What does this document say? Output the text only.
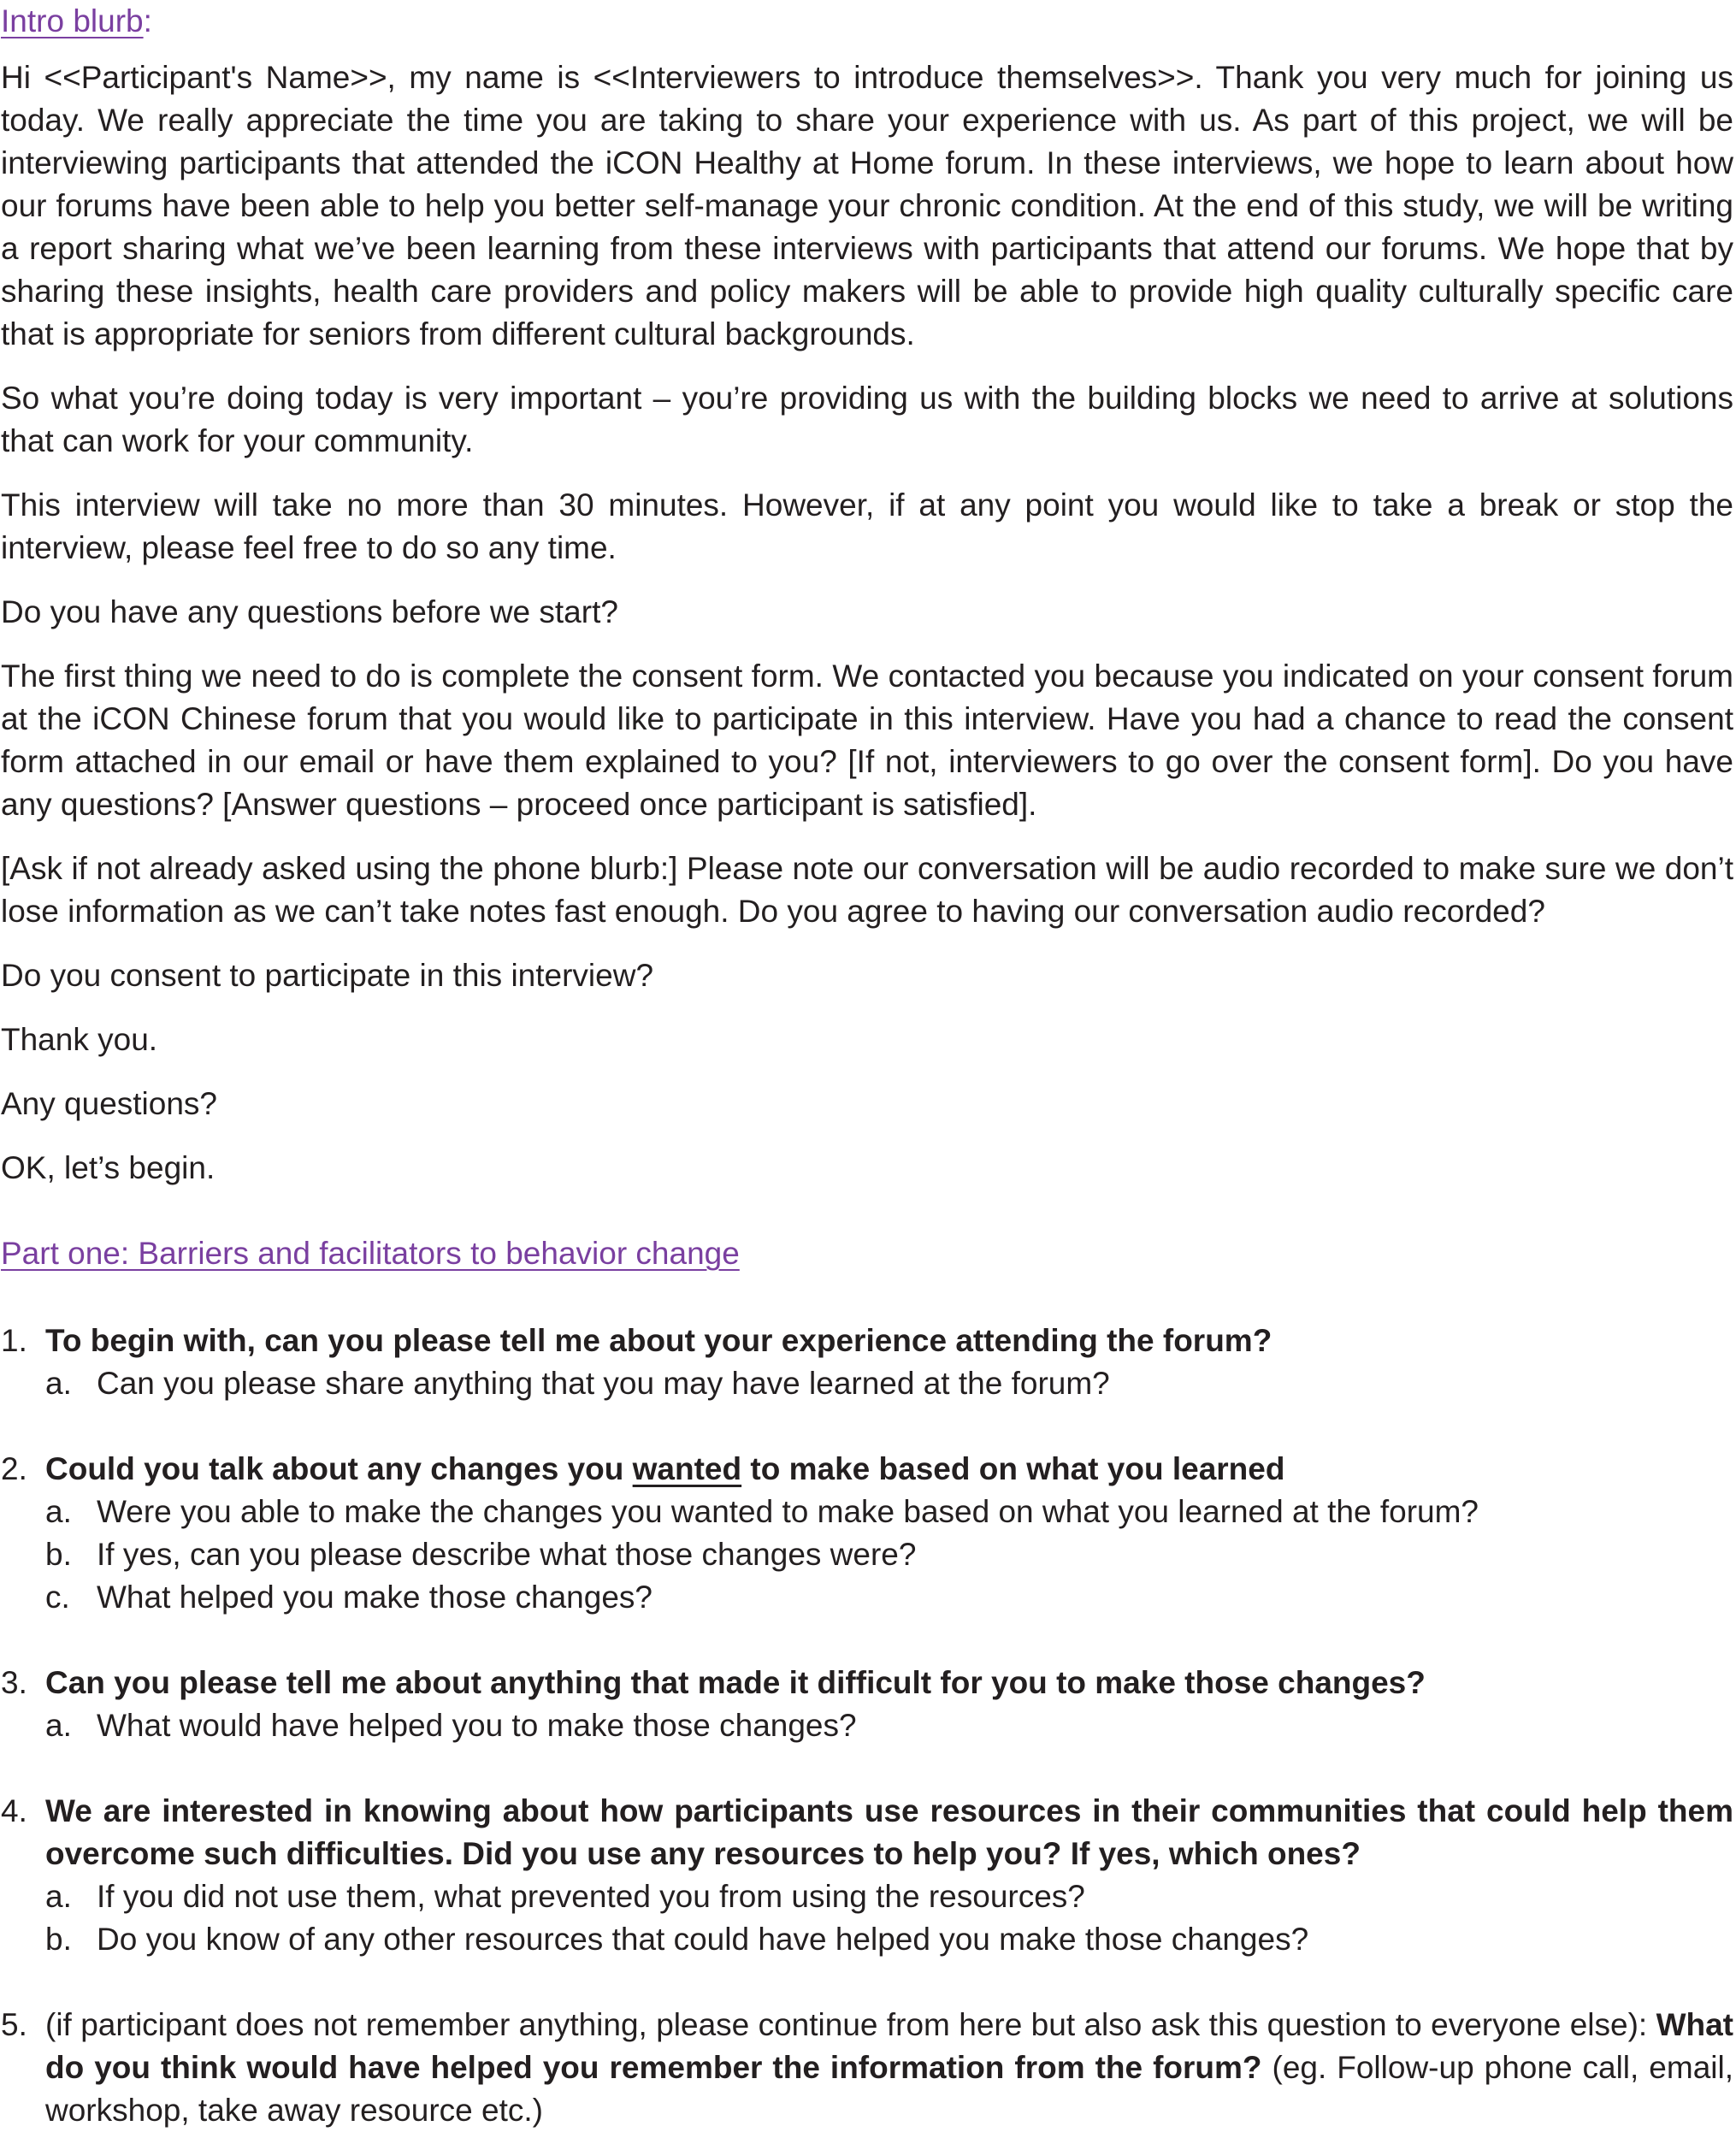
Intro blurb:

Hi <<Participant's Name>>, my name is <<Interviewers to introduce themselves>>. Thank you very much for joining us today. We really appreciate the time you are taking to share your experience with us. As part of this project, we will be interviewing participants that attended the iCON Healthy at Home forum. In these interviews, we hope to learn about how our forums have been able to help you better self-manage your chronic condition. At the end of this study, we will be writing a report sharing what we’ve been learning from these interviews with participants that attend our forums. We hope that by sharing these insights, health care providers and policy makers will be able to provide high quality culturally specific care that is appropriate for seniors from different cultural backgrounds.

So what you’re doing today is very important – you’re providing us with the building blocks we need to arrive at solutions that can work for your community.

This interview will take no more than 30 minutes. However, if at any point you would like to take a break or stop the interview, please feel free to do so any time.

Do you have any questions before we start?

The first thing we need to do is complete the consent form. We contacted you because you indicated on your consent forum at the iCON Chinese forum that you would like to participate in this interview. Have you had a chance to read the consent form attached in our email or have them explained to you? [If not, interviewers to go over the consent form]. Do you have any questions? [Answer questions – proceed once participant is satisfied].

[Ask if not already asked using the phone blurb:] Please note our conversation will be audio recorded to make sure we don’t lose information as we can’t take notes fast enough. Do you agree to having our conversation audio recorded?

Do you consent to participate in this interview?

Thank you.

Any questions?

OK, let’s begin.

Part one: Barriers and facilitators to behavior change

1. To begin with, can you please tell me about your experience attending the forum?
a. Can you please share anything that you may have learned at the forum?
2. Could you talk about any changes you wanted to make based on what you learned
a. Were you able to make the changes you wanted to make based on what you learned at the forum?
b. If yes, can you please describe what those changes were?
c. What helped you make those changes?
3. Can you please tell me about anything that made it difficult for you to make those changes?
a. What would have helped you to make those changes?
4. We are interested in knowing about how participants use resources in their communities that could help them overcome such difficulties. Did you use any resources to help you? If yes, which ones?
a. If you did not use them, what prevented you from using the resources?
b. Do you know of any other resources that could have helped you make those changes?
5. (if participant does not remember anything, please continue from here but also ask this question to everyone else): What do you think would have helped you remember the information from the forum? (eg. Follow-up phone call, email, workshop, take away resource etc.)
